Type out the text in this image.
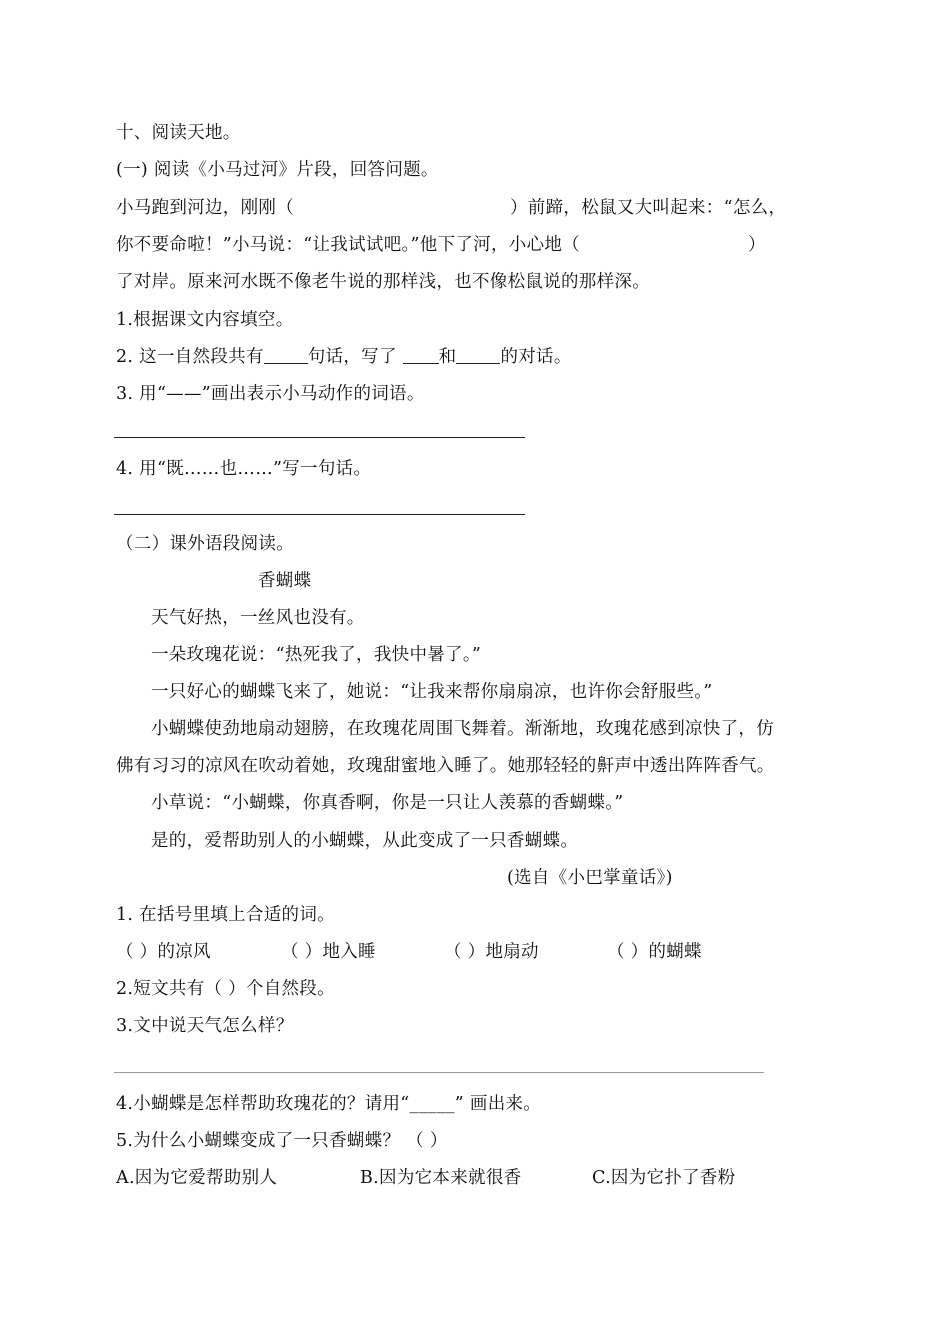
十、阅读天地。
(一) 阅读《小马过河》片段，回答问题。
小马跑到河边，刚刚（	）前蹄，松鼠又大叫起来：“怎么，
你不要命啦！”小马说：“让我试试吧。”他下了河，小心地（	）
了对岸。原来河水既不像老牛说的那样浅，也不像松鼠说的那样深。
1.根据课文内容填空。
2. 这一自然段共有	句话，写了 和	的对话。
3. 用“——”画出表示小马动作的词语。
4. 用“既……也……”写一句话。
（二）课外语段阅读。
香蝴蝶
天气好热，一丝风也没有。
一朵玫瑰花说：“热死我了，我快中暑了。”
一只好心的蝴蝶飞来了，她说：“让我来帮你扇扇凉，也许你会舒服些。”
小蝴蝶使劲地扇动翅膀，在玫瑰花周围飞舞着。渐渐地，玫瑰花感到凉快了，仿
佛有习习的凉风在吹动着她，玫瑰甜蜜地入睡了。她那轻轻的鼾声中透出阵阵香气。
小草说：“小蝴蝶，你真香啊，你是一只让人羡慕的香蝴蝶。”
是的，爱帮助别人的小蝴蝶，从此变成了一只香蝴蝶。
(选自《小巴掌童话》)
1. 在括号里填上合适的词。
（ ）的凉风	（ ）地入睡	（ ）地扇动	（ ）的蝴蝶
2.短文共有（ ）个自然段。
3.文中说天气怎么样？
4.小蝴蝶是怎样帮助玫瑰花的？请用“_____” 画出来。
5.为什么小蝴蝶变成了一只香蝴蝶？ （ ）
A.因为它爱帮助别人	B.因为它本来就很香	C.因为它扑了香粉
